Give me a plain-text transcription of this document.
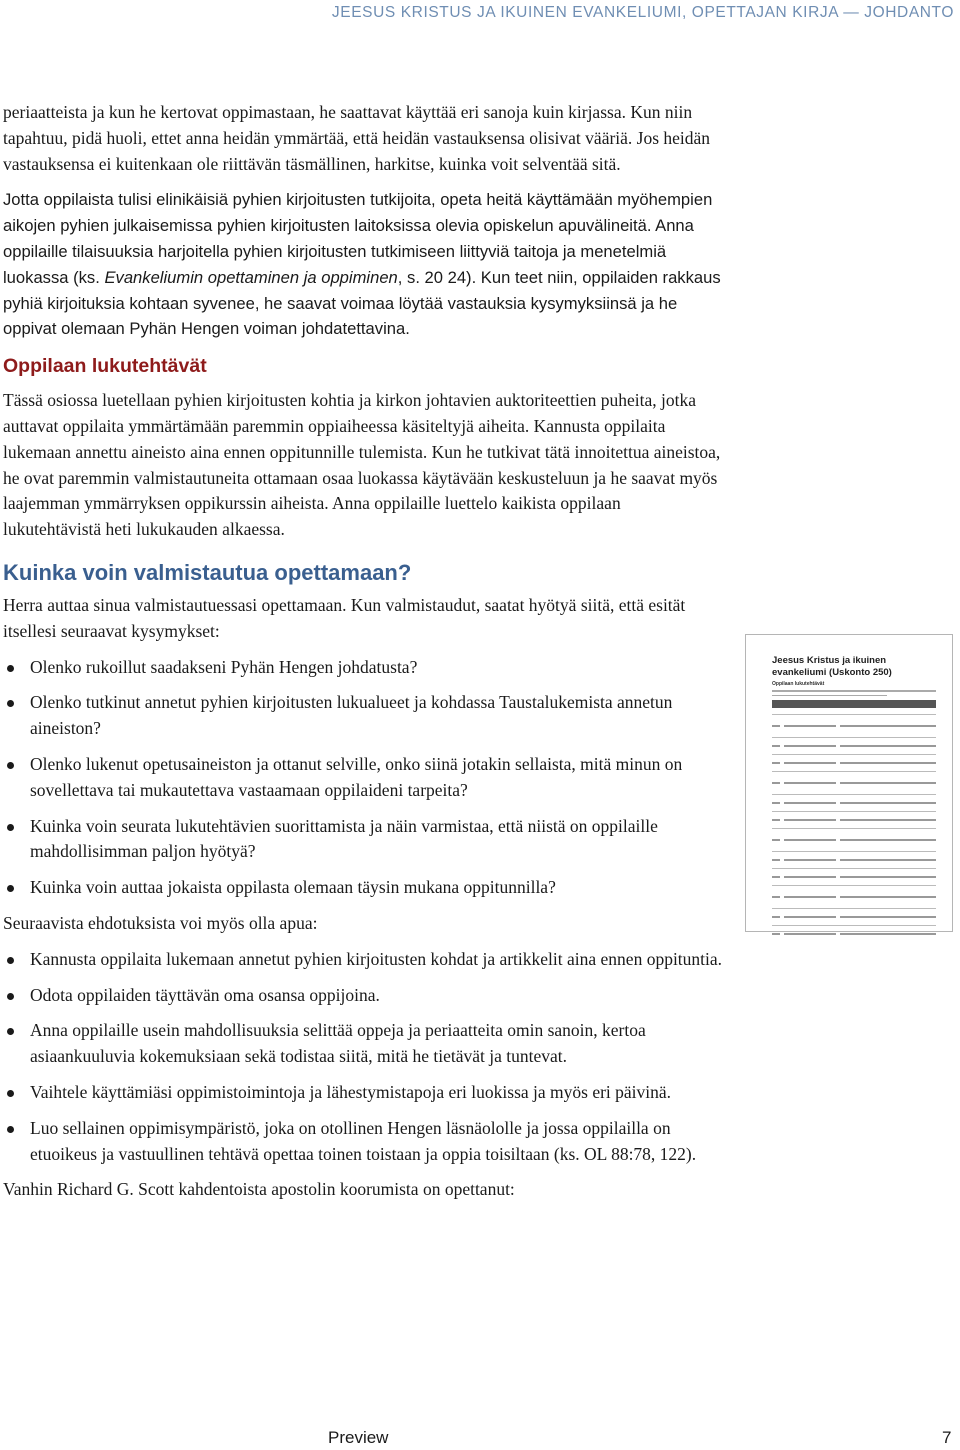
JEESUS KRISTUS JA IKUINEN EVANKELIUMI, OPETTAJAN KIRJA — JOHDANTO

periaatteista ja kun he kertovat oppimastaan, he saattavat käyttää eri sanoja kuin kirjassa. Kun niin tapahtuu, pidä huoli, ettet anna heidän ymmärtää, että heidän vastauksensa olisivat vääriä. Jos heidän vastauksensa ei kuitenkaan ole riittävän täsmällinen, harkitse, kuinka voit selventää sitä.

Jotta oppilaista tulisi elinikäisiä pyhien kirjoitusten tutkijoita, opeta heitä käyttämään myöhempien aikojen pyhien julkaisemissa pyhien kirjoitusten laitoksissa olevia opiskelun apuvälineitä. Anna oppilaille tilaisuuksia harjoitella pyhien kirjoitusten tutkimiseen liittyviä taitoja ja menetelmiä luokassa (ks. Evankeliumin opettaminen ja oppiminen, s. 20 24). Kun teet niin, oppilaiden rakkaus pyhiä kirjoituksia kohtaan syvenee, he saavat voimaa löytää vastauksia kysymyksiinsä ja he oppivat olemaan Pyhän Hengen voiman johdatettavina.

Oppilaan lukutehtävät

Tässä osiossa luetellaan pyhien kirjoitusten kohtia ja kirkon johtavien auktoriteettien puheita, jotka auttavat oppilaita ymmärtämään paremmin oppiaiheessa käsiteltyjä aiheita. Kannusta oppilaita lukemaan annettu aineisto aina ennen oppitunnille tulemista. Kun he tutkivat tätä innoitettua aineistoa, he ovat paremmin valmistautuneita ottamaan osaa luokassa käytävään keskusteluun ja he saavat myös laajemman ymmärryksen oppikurssin aiheista. Anna oppilaille luettelo kaikista oppilaan lukutehtävistä heti lukukauden alkaessa.

Kuinka voin valmistautua opettamaan?

Herra auttaa sinua valmistautuessasi opettamaan. Kun valmistaudut, saatat hyötyä siitä, että esität itsellesi seuraavat kysymykset:

Olenko rukoillut saadakseni Pyhän Hengen johdatusta?
Olenko tutkinut annetut pyhien kirjoitusten lukualueet ja kohdassa Taustalukemista annetun aineiston?
Olenko lukenut opetusaineiston ja ottanut selville, onko siinä jotakin sellaista, mitä minun on sovellettava tai mukautettava vastaamaan oppilaideni tarpeita?
Kuinka voin seurata lukutehtävien suorittamista ja näin varmistaa, että niistä on oppilaille mahdollisimman paljon hyötyä?
Kuinka voin auttaa jokaista oppilasta olemaan täysin mukana oppitunnilla?

Seuraavista ehdotuksista voi myös olla apua:

Kannusta oppilaita lukemaan annetut pyhien kirjoitusten kohdat ja artikkelit aina ennen oppituntia.
Odota oppilaiden täyttävän oma osansa oppijoina.
Anna oppilaille usein mahdollisuuksia selittää oppeja ja periaatteita omin sanoin, kertoa asiaankuuluvia kokemuksiaan sekä todistaa siitä, mitä he tietävät ja tuntevat.
Vaihtele käyttämiäsi oppimistoimintoja ja lähestymistapoja eri luokissa ja myös eri päivinä.
Luo sellainen oppimisympäristö, joka on otollinen Hengen läsnäololle ja jossa oppilailla on etuoikeus ja vastuullinen tehtävä opettaa toinen toistaan ja oppia toisiltaan (ks. OL 88:78, 122).

Vanhin Richard G. Scott kahdentoista apostolin koorumista on opettanut:

Jeesus Kristus ja ikuinen
evankeliumi (Uskonto 250)
Oppilaan lukutehtävät
Preview	7
